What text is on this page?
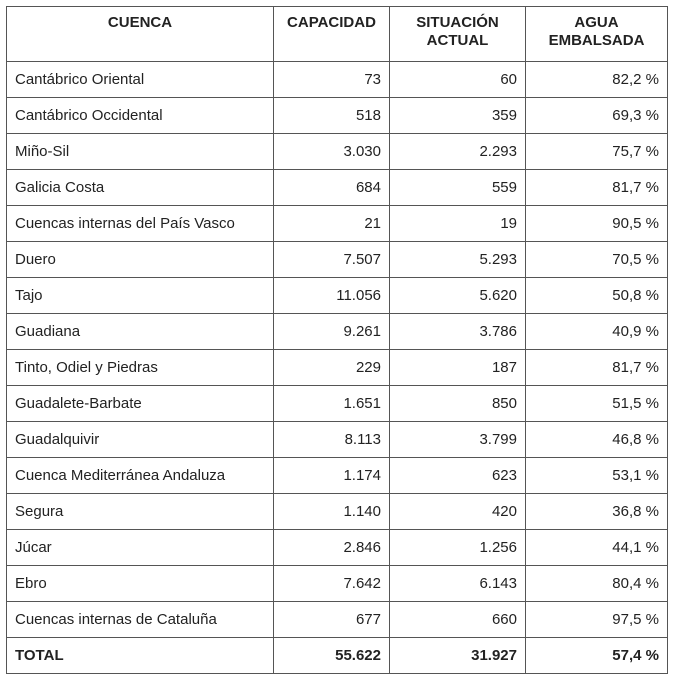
CUENCA	CAPACIDAD	SITUACIÓN ACTUAL	AGUA EMBALSADA
Cantábrico Oriental	73	60	82,2 %
Cantábrico Occidental	518	359	69,3 %
Miño-Sil	3.030	2.293	75,7 %
Galicia Costa	684	559	81,7 %
Cuencas internas del País Vasco	21	19	90,5 %
Duero	7.507	5.293	70,5 %
Tajo	11.056	5.620	50,8 %
Guadiana	9.261	3.786	40,9 %
Tinto, Odiel y Piedras	229	187	81,7 %
Guadalete-Barbate	1.651	850	51,5 %
Guadalquivir	8.113	3.799	46,8 %
Cuenca Mediterránea Andaluza	1.174	623	53,1 %
Segura	1.140	420	36,8 %
Júcar	2.846	1.256	44,1 %
Ebro	7.642	6.143	80,4 %
Cuencas internas de Cataluña	677	660	97,5 %
TOTAL	55.622	31.927	57,4 %
